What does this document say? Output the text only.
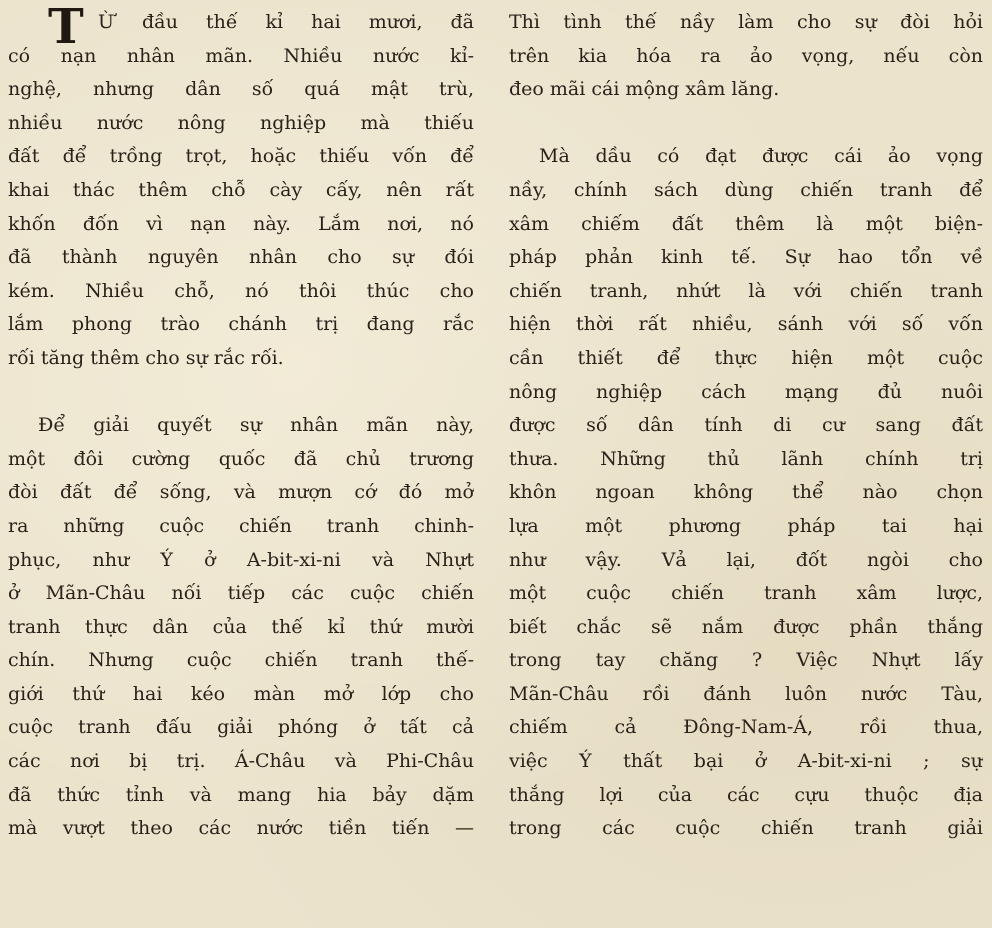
T Ừ đầu thế kỉ hai mươi, đã
có nạn nhân mãn. Nhiều nước kỉ-
nghệ, nhưng dân số quá mật trù,
nhiều nước nông nghiệp mà thiếu
đất để trồng trọt, hoặc thiếu vốn để
khai thác thêm chỗ cày cấy, nên rất
khốn đốn vì nạn này. Lắm nơi, nó
đã thành nguyên nhân cho sự đói
kém. Nhiều chỗ, nó thôi thúc cho
lắm phong trào chánh trị đang rắc
rối tăng thêm cho sự rắc rối.
Để giải quyết sự nhân mãn này,
một đôi cường quốc đã chủ trương
đòi đất để sống, và mượn cớ đó mở
ra những cuộc chiến tranh chinh-
phục, như Ý ở A-bit-xi-ni và Nhựt
ở Mãn-Châu nối tiếp các cuộc chiến
tranh thực dân của thế kỉ thứ mười
chín. Nhưng cuộc chiến tranh thế-
giới thứ hai kéo màn mở lớp cho
cuộc tranh đấu giải phóng ở tất cả
các nơi bị trị. Á-Châu và Phi-Châu
đã thức tỉnh và mang hia bảy dặm
mà vượt theo các nước tiền tiến —
Thì tình thế nầy làm cho sự đòi hỏi
trên kia hóa ra ảo vọng, nếu còn
đeo mãi cái mộng xâm lăng.
Mà dầu có đạt được cái ảo vọng
nầy, chính sách dùng chiến tranh để
xâm chiếm đất thêm là một biện-
pháp phản kinh tế. Sự hao tổn về
chiến tranh, nhứt là với chiến tranh
hiện thời rất nhiều, sánh với số vốn
cần thiết để thực hiện một cuộc
nông nghiệp cách mạng đủ nuôi
được số dân tính di cư sang đất
thưa. Những thủ lãnh chính trị
khôn ngoan không thể nào chọn
lựa một phương pháp tai hại
như vậy. Vả lại, đốt ngòi cho
một cuộc chiến tranh xâm lược,
biết chắc sẽ nắm được phần thắng
trong tay chăng ? Việc Nhựt lấy
Mãn-Châu rồi đánh luôn nước Tàu,
chiếm cả Đông-Nam-Á, rồi thua,
việc Ý thất bại ở A-bit-xi-ni ; sự
thắng lợi của các cựu thuộc địa
trong các cuộc chiến tranh giải
